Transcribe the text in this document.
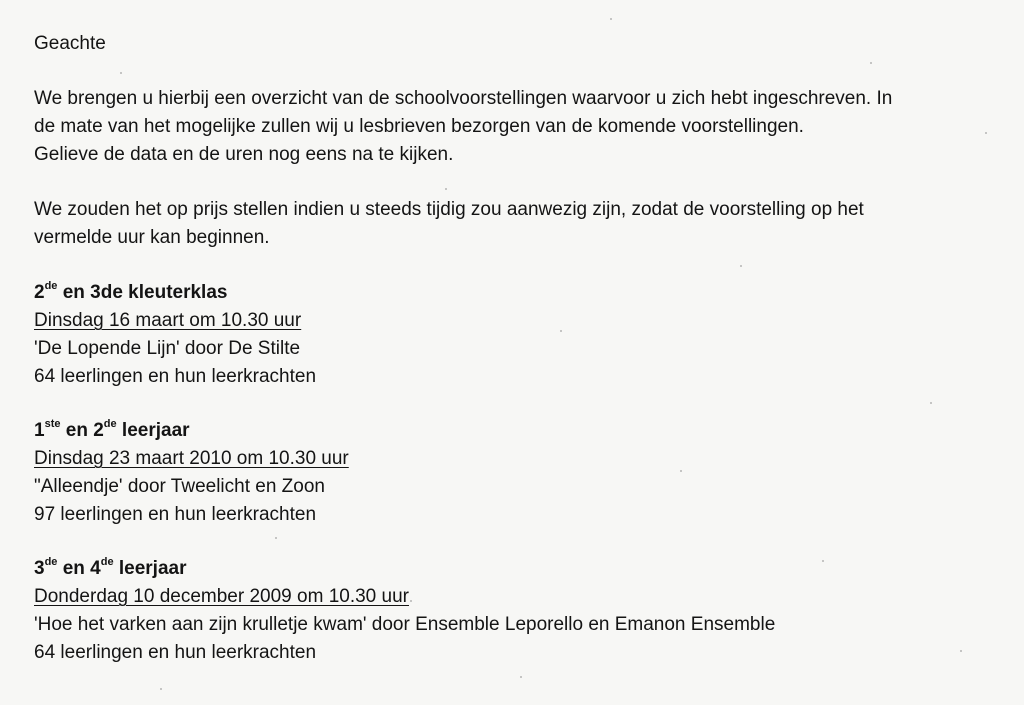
Geachte
We brengen u hierbij een overzicht van de schoolvoorstellingen waarvoor u zich hebt ingeschreven. In
de mate van het mogelijke zullen wij u lesbrieven bezorgen van de komende voorstellingen.
Gelieve de data en de uren nog eens na te kijken.
We zouden het op prijs stellen indien u steeds tijdig zou aanwezig zijn, zodat de voorstelling op het
vermelde uur kan beginnen.
2de en 3de kleuterklas
Dinsdag 16 maart om 10.30 uur
'De Lopende Lijn' door De Stilte
64 leerlingen en hun leerkrachten
1ste en 2de leerjaar
Dinsdag 23 maart 2010 om 10.30 uur
"Alleendje' door Tweelicht en Zoon
97 leerlingen en hun leerkrachten
3de en 4de leerjaar
Donderdag 10 december 2009 om 10.30 uur
'Hoe het varken aan zijn krulletje kwam' door Ensemble Leporello en Emanon Ensemble
64 leerlingen en hun leerkrachten
